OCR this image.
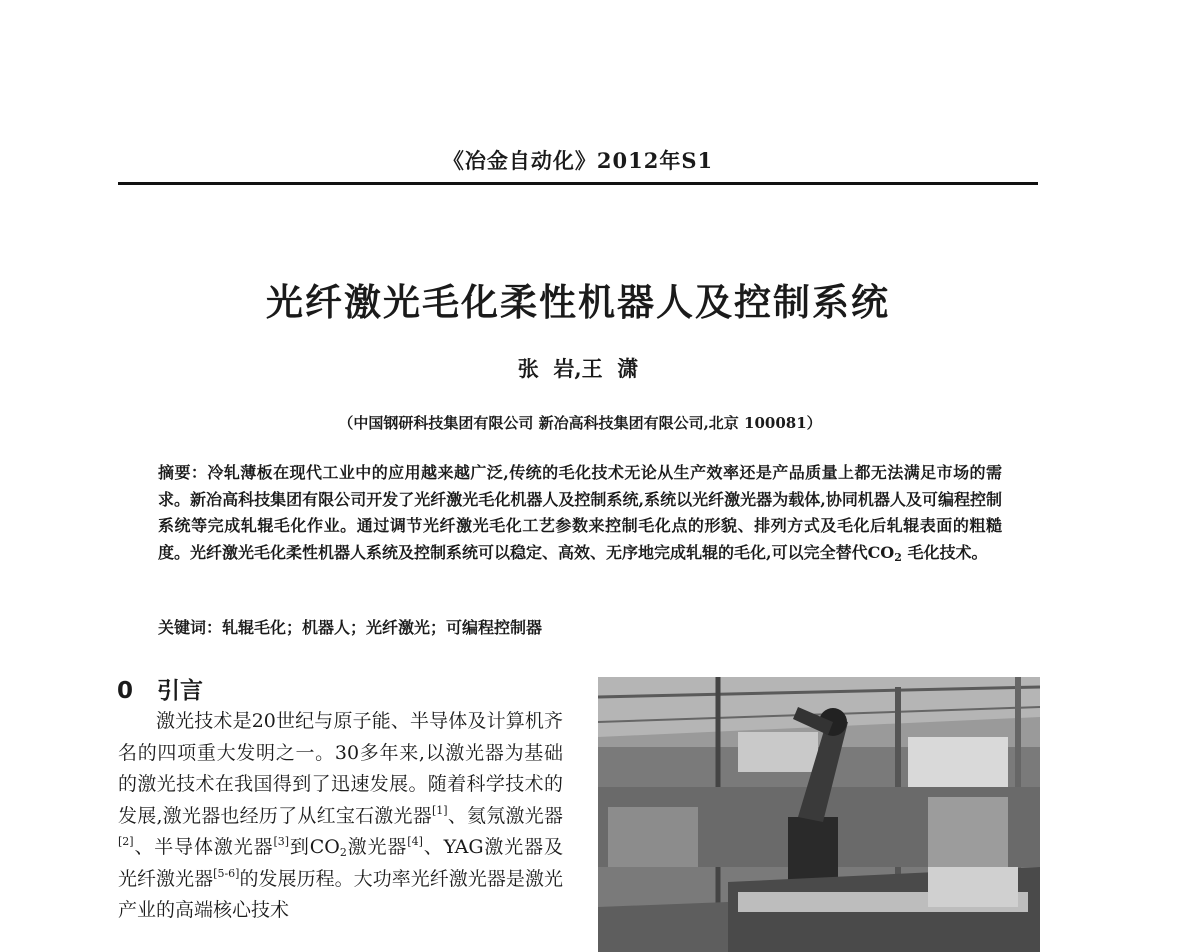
《冶金自动化》2012年S1
光纤激光毛化柔性机器人及控制系统
张  岩,王  潇
（中国钢研科技集团有限公司 新冶高科技集团有限公司,北京 100081）
摘要：冷轧薄板在现代工业中的应用越来越广泛,传统的毛化技术无论从生产效率还是产品质量上都无法满足市场的需求。新冶高科技集团有限公司开发了光纤激光毛化机器人及控制系统,系统以光纤激光器为载体,协同机器人及可编程控制系统等完成轧辊毛化作业。通过调节光纤激光毛化工艺参数来控制毛化点的形貌、排列方式及毛化后轧辊表面的粗糙度。光纤激光毛化柔性机器人系统及控制系统可以稳定、高效、无序地完成轧辊的毛化,可以完全替代$CO_2$ 毛化技术。
关键词：轧辊毛化；机器人；光纤激光；可编程控制器
0   引言
激光技术是20世纪与原子能、半导体及计算机齐名的四项重大发明之一。30多年来,以激光器为基础的激光技术在我国得到了迅速发展。随着科学技术的发展,激光器也经历了从红宝石激光器[1]、氦氖激光器[2]、半导体激光器[3]到$CO_2$激光器[4]、YAG激光器及光纤激光器[5-6]的发展历程。大功率光纤激光器是激光产业的高端核心技术
